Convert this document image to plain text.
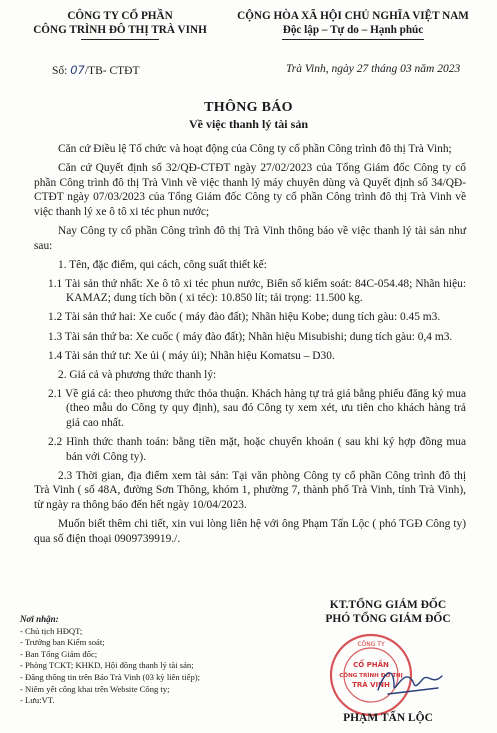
CÔNG TY CỔ PHẦN
CÔNG TRÌNH ĐÔ THỊ TRÀ VINH
CỘNG HÒA XÃ HỘI CHỦ NGHĨA VIỆT NAM
Độc lập – Tự do – Hạnh phúc
Số: 07/TB- CTĐT	Trà Vinh, ngày 27 tháng 03 năm 2023
THÔNG BÁO
Về việc thanh lý tài sản

Căn cứ Điều lệ Tổ chức và hoạt động của Công ty cổ phần Công trình đô thị Trà Vinh;

Căn cứ Quyết định số 32/QĐ-CTĐT ngày 27/02/2023 của Tổng Giám đốc Công ty cổ phần Công trình đô thị Trà Vinh về việc thanh lý máy chuyên dùng và Quyết định số 34/QĐ-CTĐT ngày 07/03/2023 của Tổng Giám đốc Công ty cổ phần Công trình đô thị Trà Vinh về việc thanh lý xe ô tô xi téc phun nước;

Nay Công ty cổ phần Công trình đô thị Trà Vinh thông báo về việc thanh lý tài sản như sau:

1. Tên, đặc điểm, qui cách, công suất thiết kế:

1.1 Tài sản thứ nhất: Xe ô tô xi téc phun nước, Biển số kiểm soát: 84C-054.48; Nhãn hiệu: KAMAZ; dung tích bồn ( xi téc): 10.850 lít; tải trọng: 11.500 kg.

1.2 Tài sản thứ hai: Xe cuốc ( máy đào đất); Nhãn hiệu Kobe; dung tích gàu: 0.45 m3.

1.3 Tài sản thứ ba: Xe cuốc ( máy đào đất); Nhãn hiệu Misubishi; dung tích gàu: 0,4 m3.

1.4 Tài sản thứ tư: Xe ủi ( máy ủi); Nhãn hiệu Komatsu – D30.

2. Giá cả và phương thức thanh lý:

2.1 Về giá cả: theo phương thức thỏa thuận. Khách hàng tự trả giá bằng phiếu đăng ký mua (theo mẫu do Công ty quy định), sau đó Công ty xem xét, ưu tiên cho khách hàng trả giá cao nhất.

2.2 Hình thức thanh toán: bằng tiền mặt, hoặc chuyển khoản ( sau khi ký hợp đồng mua bán với Công ty).

2.3 Thời gian, địa điểm xem tài sản: Tại văn phòng Công ty cổ phần Công trình đô thị Trà Vinh ( số 48A, đường Sơn Thông, khóm 1, phường 7, thành phố Trà Vinh, tỉnh Trà Vinh), từ ngày ra thông báo đến hết ngày 10/04/2023.

Muốn biết thêm chi tiết, xin vui lòng liên hệ với ông Phạm Tấn Lộc ( phó TGĐ Công ty) qua số điện thoại 0909739919./.

Nơi nhận:
- Chủ tịch HĐQT;
- Trưởng ban Kiểm soát;
- Ban Tổng Giám đốc;
- Phòng TCKT; KHKD, Hội đồng thanh lý tài sản;
- Đăng thông tin trên Báo Trà Vinh (03 kỳ liên tiếp);
- Niêm yết công khai trên Website Công ty;
- Lưu:VT.
KT.TỔNG GIÁM ĐỐC
PHÓ TỔNG GIÁM ĐỐC
CÔNG TY
CỔ PHẦN
CÔNG TRÌNH ĐÔ THỊ
TRÀ VINH
PHẠM TẤN LỘC
